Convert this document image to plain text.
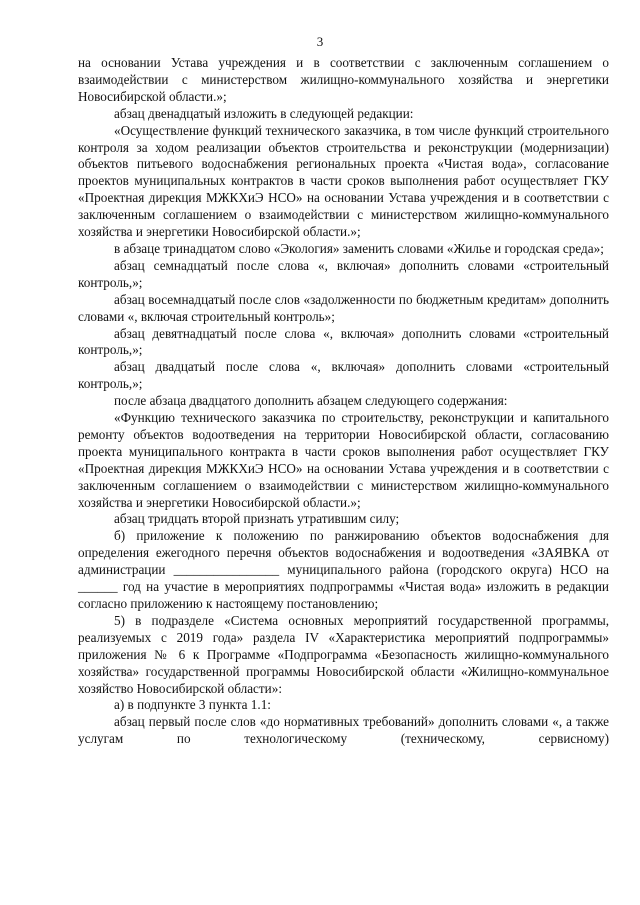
3

на основании Устава учреждения и в соответствии с заключенным соглашением о взаимодействии с министерством жилищно-коммунального хозяйства и энергетики Новосибирской области.»;

абзац двенадцатый изложить в следующей редакции:

«Осуществление функций технического заказчика, в том числе функций строительного контроля за ходом реализации объектов строительства и реконструкции (модернизации) объектов питьевого водоснабжения региональных проекта «Чистая вода», согласование проектов муниципальных контрактов в части сроков выполнения работ осуществляет ГКУ «Проектная дирекция МЖКХиЭ НСО» на основании Устава учреждения и в соответствии с заключенным соглашением о взаимодействии с министерством жилищно-коммунального хозяйства и энергетики Новосибирской области.»;

в абзаце тринадцатом слово «Экология» заменить словами «Жилье и городская среда»;

абзац семнадцатый после слова «, включая» дополнить словами «строительный контроль,»;

абзац восемнадцатый после слов «задолженности по бюджетным кредитам» дополнить словами «, включая строительный контроль»;

абзац девятнадцатый после слова «, включая» дополнить словами «строительный контроль,»;

абзац двадцатый после слова «, включая» дополнить словами «строительный контроль,»;

после абзаца двадцатого дополнить абзацем следующего содержания:

«Функцию технического заказчика по строительству, реконструкции и капитального ремонту объектов водоотведения на территории Новосибирской области, согласованию проекта муниципального контракта в части сроков выполнения работ осуществляет ГКУ «Проектная дирекция МЖКХиЭ НСО» на основании Устава учреждения и в соответствии с заключенным соглашением о взаимодействии с министерством жилищно-коммунального хозяйства и энергетики Новосибирской области.»;

абзац тридцать второй признать утратившим силу;

б) приложение к положению по ранжированию объектов водоснабжения для определения ежегодного перечня объектов водоснабжения и водоотведения «ЗАЯВКА от администрации ________________ муниципального района (городского округа) НСО на ______ год на участие в мероприятиях подпрограммы «Чистая вода» изложить в редакции согласно приложению к настоящему постановлению;

5) в подразделе «Система основных мероприятий государственной программы, реализуемых с 2019 года» раздела IV «Характеристика мероприятий подпрограммы» приложения № 6 к Программе «Подпрограмма «Безопасность жилищно-коммунального хозяйства» государственной программы Новосибирской области «Жилищно-коммунальное хозяйство Новосибирской области»:

а) в подпункте 3 пункта 1.1:

абзац первый после слов «до нормативных требований» дополнить словами «, а также услугам по технологическому (техническому, сервисному)
